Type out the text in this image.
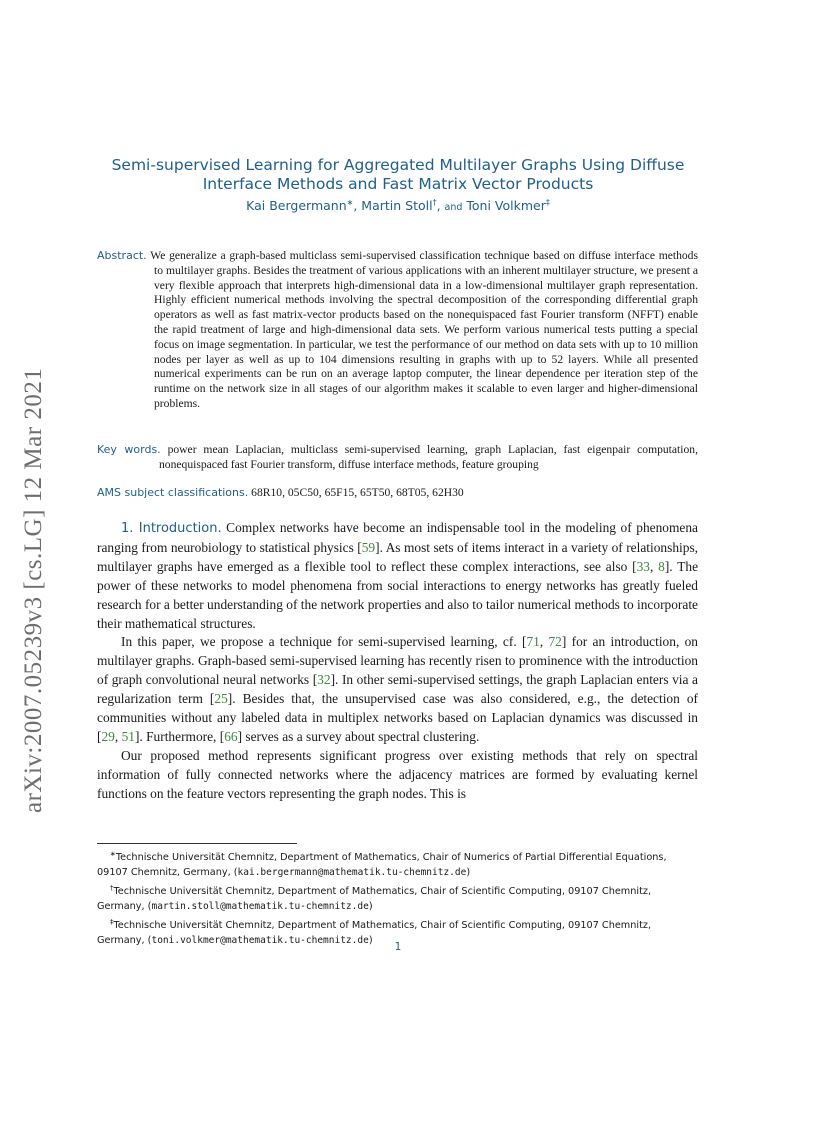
arXiv:2007.05239v3 [cs.LG] 12 Mar 2021
Semi-supervised Learning for Aggregated Multilayer Graphs Using Diffuse
Interface Methods and Fast Matrix Vector Products
Kai Bergermann∗, Martin Stoll†, and Toni Volkmer‡
Abstract. We generalize a graph-based multiclass semi-supervised classification technique based on diffuse interface methods to multilayer graphs. Besides the treatment of various applications with an inherent multilayer structure, we present a very flexible approach that interprets high-dimensional data in a low-dimensional multilayer graph representation. Highly efficient numerical methods involving the spectral decomposition of the corresponding differential graph operators as well as fast matrix-vector products based on the nonequispaced fast Fourier transform (NFFT) enable the rapid treatment of large and high-dimensional data sets. We perform various numerical tests putting a special focus on image segmentation. In particular, we test the performance of our method on data sets with up to 10 million nodes per layer as well as up to 104 dimensions resulting in graphs with up to 52 layers. While all presented numerical experiments can be run on an average laptop computer, the linear dependence per iteration step of the runtime on the network size in all stages of our algorithm makes it scalable to even larger and higher-dimensional problems.
Key words. power mean Laplacian, multiclass semi-supervised learning, graph Laplacian, fast eigenpair computation, nonequispaced fast Fourier transform, diffuse interface methods, feature grouping
AMS subject classifications. 68R10, 05C50, 65F15, 65T50, 68T05, 62H30

1. Introduction. Complex networks have become an indispensable tool in the modeling of phenomena ranging from neurobiology to statistical physics [59]. As most sets of items interact in a variety of relationships, multilayer graphs have emerged as a flexible tool to reflect these complex interactions, see also [33, 8]. The power of these networks to model phenomena from social interactions to energy networks has greatly fueled research for a better understanding of the network properties and also to tailor numerical methods to incorporate their mathematical structures.

In this paper, we propose a technique for semi-supervised learning, cf. [71, 72] for an introduction, on multilayer graphs. Graph-based semi-supervised learning has recently risen to prominence with the introduction of graph convolutional neural networks [32]. In other semi-supervised settings, the graph Laplacian enters via a regularization term [25]. Besides that, the unsupervised case was also considered, e.g., the detection of communities without any labeled data in multiplex networks based on Laplacian dynamics was discussed in [29, 51]. Furthermore, [66] serves as a survey about spectral clustering.

Our proposed method represents significant progress over existing methods that rely on spectral information of fully connected networks where the adjacency matrices are formed by evaluating kernel functions on the feature vectors representing the graph nodes. This is

∗Technische Universität Chemnitz, Department of Mathematics, Chair of Numerics of Partial Differential Equations, 09107 Chemnitz, Germany, (kai.bergermann@mathematik.tu-chemnitz.de)

†Technische Universität Chemnitz, Department of Mathematics, Chair of Scientific Computing, 09107 Chemnitz, Germany, (martin.stoll@mathematik.tu-chemnitz.de)

‡Technische Universität Chemnitz, Department of Mathematics, Chair of Scientific Computing, 09107 Chemnitz, Germany, (toni.volkmer@mathematik.tu-chemnitz.de)

1
